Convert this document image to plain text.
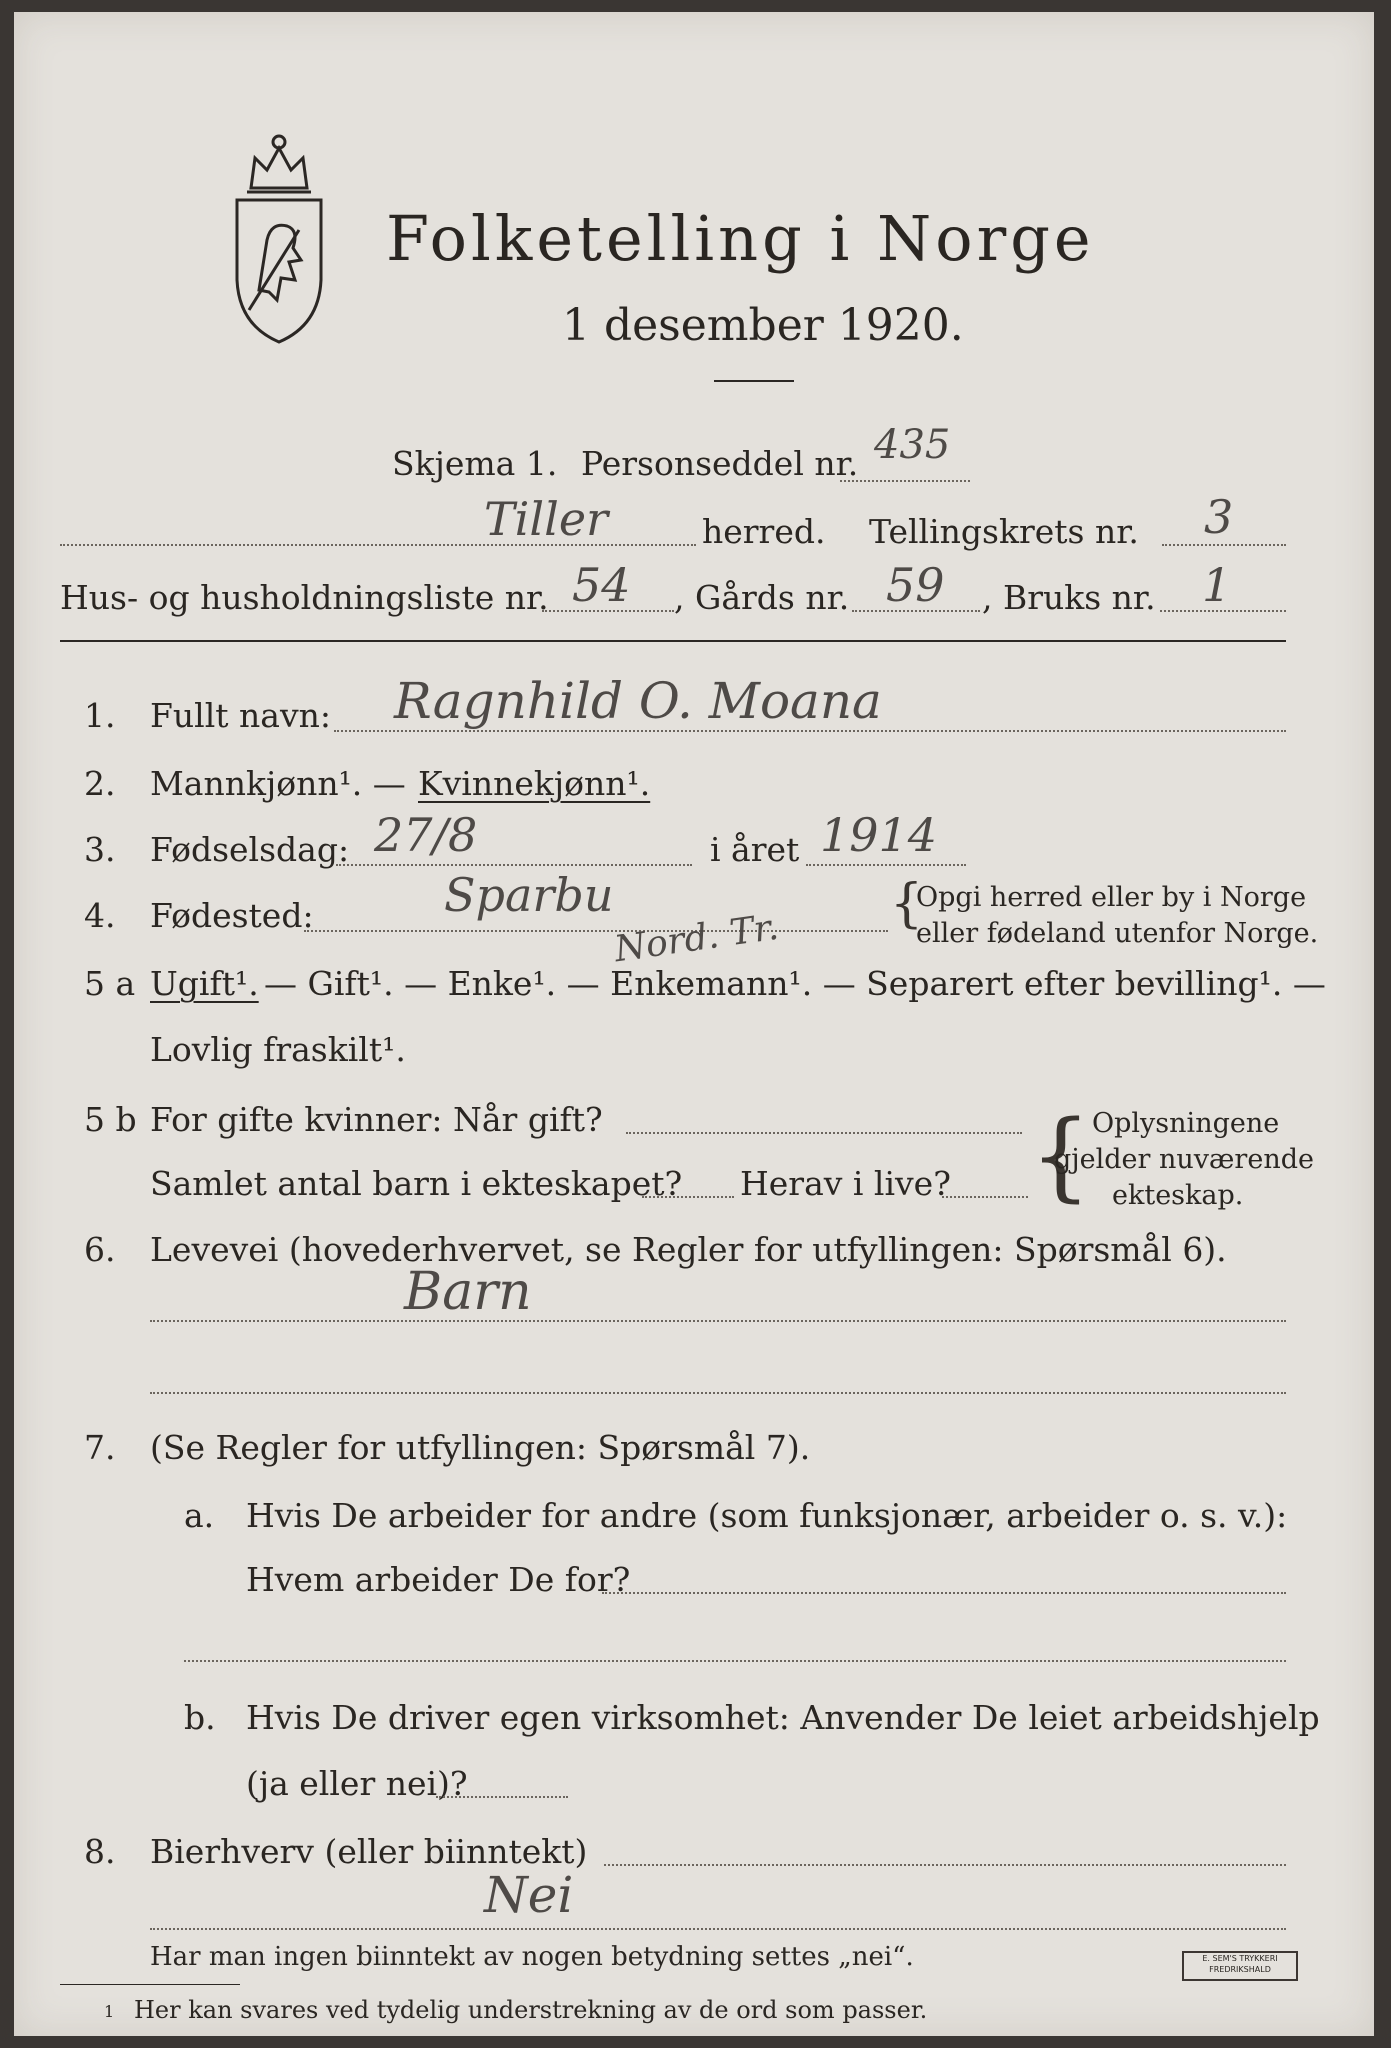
Folketelling i Norge
1 desember 1920.
Skjema 1. Personseddel nr. 435
Tiller	herred. Tellingskrets nr. 3
Hus- og husholdningsliste nr. 54 , Gårds nr. 59 , Bruks nr. 1
1. Fullt navn: Ragnhild O. Moana
2. Mannkjønn¹. — Kvinnekjønn¹.
3. Fødselsdag: 27/8	i året 1914
4. Fødested:	Sparbu	{
Opgi herred eller by i Norge
eller fødeland utenfor Norge.
Nord. Tr.
5 a Ugift¹. — Gift¹. — Enke¹. — Enkemann¹. — Separert efter bevilling¹. —
Lovlig fraskilt¹.
5 b For gifte kvinner: Når gift?
Samlet antal barn i ekteskapet? Herav i live? { Oplysningene
gjelder nuværende
ekteskap.
6. Levevei (hovederhvervet, se Regler for utfyllingen: Spørsmål 6).
Barn
7. (Se Regler for utfyllingen: Spørsmål 7).
a. Hvis De arbeider for andre (som funksjonær, arbeider o. s. v.):
Hvem arbeider De for?
b. Hvis De driver egen virksomhet: Anvender De leiet arbeidshjelp
(ja eller nei)?
8. Bierhverv (eller biinntekt)
Nei
Har man ingen biinntekt av nogen betydning settes „nei“.
1 Her kan svares ved tydelig understrekning av de ord som passer.
E. SEM'S TRYKKERI FREDRIKSHALD
